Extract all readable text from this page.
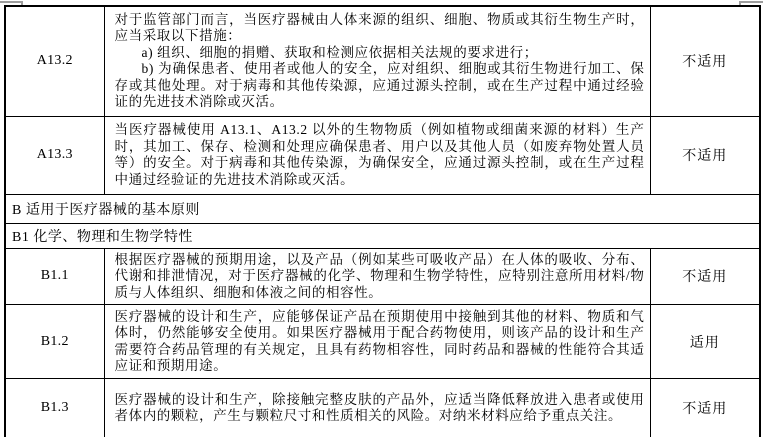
A13.2	对于监管部门而言，当医疗器械由人体来源的组织、细胞、物质或其衍生物生产时，应当采取以下措施：

a) 组织、细胞的捐赠、获取和检测应依据相关法规的要求进行；

b) 为确保患者、使用者或他人的安全，应对组织、细胞或其衍生物进行加工、保存或其他处理。对于病毒和其他传染源，应通过源头控制，或在生产过程中通过经验证的先进技术消除或灭活。	不适用
A13.3	当医疗器械使用 A13.1、A13.2 以外的生物物质（例如植物或细菌来源的材料）生产时，其加工、保存、检测和处理应确保患者、用户以及其他人员（如废弃物处置人员等）的安全。对于病毒和其他传染源，为确保安全，应通过源头控制，或在生产过程中通过经验证的先进技术消除或灭活。	不适用
B 适用于医疗器械的基本原则		
B1 化学、物理和生物学特性		
B1.1	根据医疗器械的预期用途，以及产品（例如某些可吸收产品）在人体的吸收、分布、代谢和排泄情况，对于医疗器械的化学、物理和生物学特性，应特别注意所用材料/物质与人体组织、细胞和体液之间的相容性。	不适用
B1.2	医疗器械的设计和生产，应能够保证产品在预期使用中接触到其他的材料、物质和气体时，仍然能够安全使用。如果医疗器械用于配合药物使用，则该产品的设计和生产需要符合药品管理的有关规定，且具有药物相容性，同时药品和器械的性能符合其适应证和预期用途。	适用
B1.3	医疗器械的设计和生产，除接触完整皮肤的产品外，应适当降低释放进入患者或使用者体内的颗粒，产生与颗粒尺寸和性质相关的风险。对纳米材料应给予重点关注。	不适用
